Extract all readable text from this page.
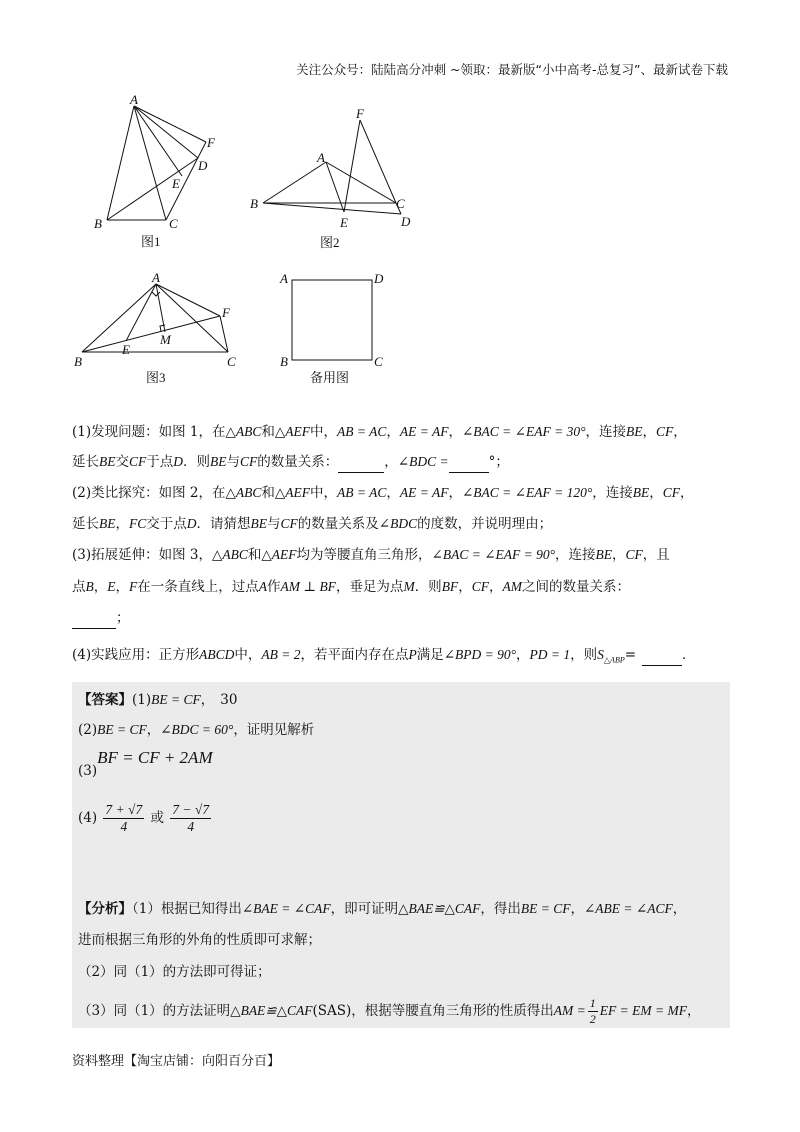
关注公众号：陆陆高分冲刺 ~领取：最新版“小中高考-总复习”、最新试卷下载
A
B	C
D
E
F
图1
F
A
B
E
C
D
图2
A
B	C
E
F
M
图3
A	D
B	C
备用图
(1)发现问题：如图 1，在△ABC和△AEF中，AB = AC，AE = AF，∠BAC = ∠EAF = 30°，连接BE，CF，
延长BE交CF于点D．则BE与CF的数量关系：	，∠BDC =	°；
(2)类比探究：如图 2，在△ABC和△AEF中，AB = AC，AE = AF，∠BAC = ∠EAF = 120°，连接BE，CF，
延长BE，FC交于点D．请猜想BE与CF的数量关系及∠BDC的度数，并说明理由；
(3)拓展延伸：如图 3，△ABC和△AEF均为等腰直角三角形，∠BAC = ∠EAF = 90°，连接BE，CF，且
点B，E，F在一条直线上，过点A作AM ⊥ BF，垂足为点M．则BF，CF，AM之间的数量关系：
；
(4)实践应用：正方形ABCD中，AB = 2，若平面内存在点P满足∠BPD = 90°，PD = 1，则$S_{\triangle ABP}=$	．
【答案】(1)BE = CF， 30
(2)BE = CF，∠BDC = 60°，证明见解析
(3)BF = CF + 2AM
$(4) \frac{7 + √7}{4}$ 或 $\frac{7 - √7}{4}$
【分析】（1）根据已知得出∠BAE = ∠CAF，即可证明△BAE≌△CAF，得出BE = CF，∠ABE = ∠ACF，
进而根据三角形的外角的性质即可求解；
（2）同（1）的方法即可得证；
（3）同（1）的方法证明△BAE≌△CAF(SAS)，根据等腰直角三角形的性质得出AM = $\frac{1}{2}$ EF = EM = MF，
资料整理【淘宝店铺：向阳百分百】
